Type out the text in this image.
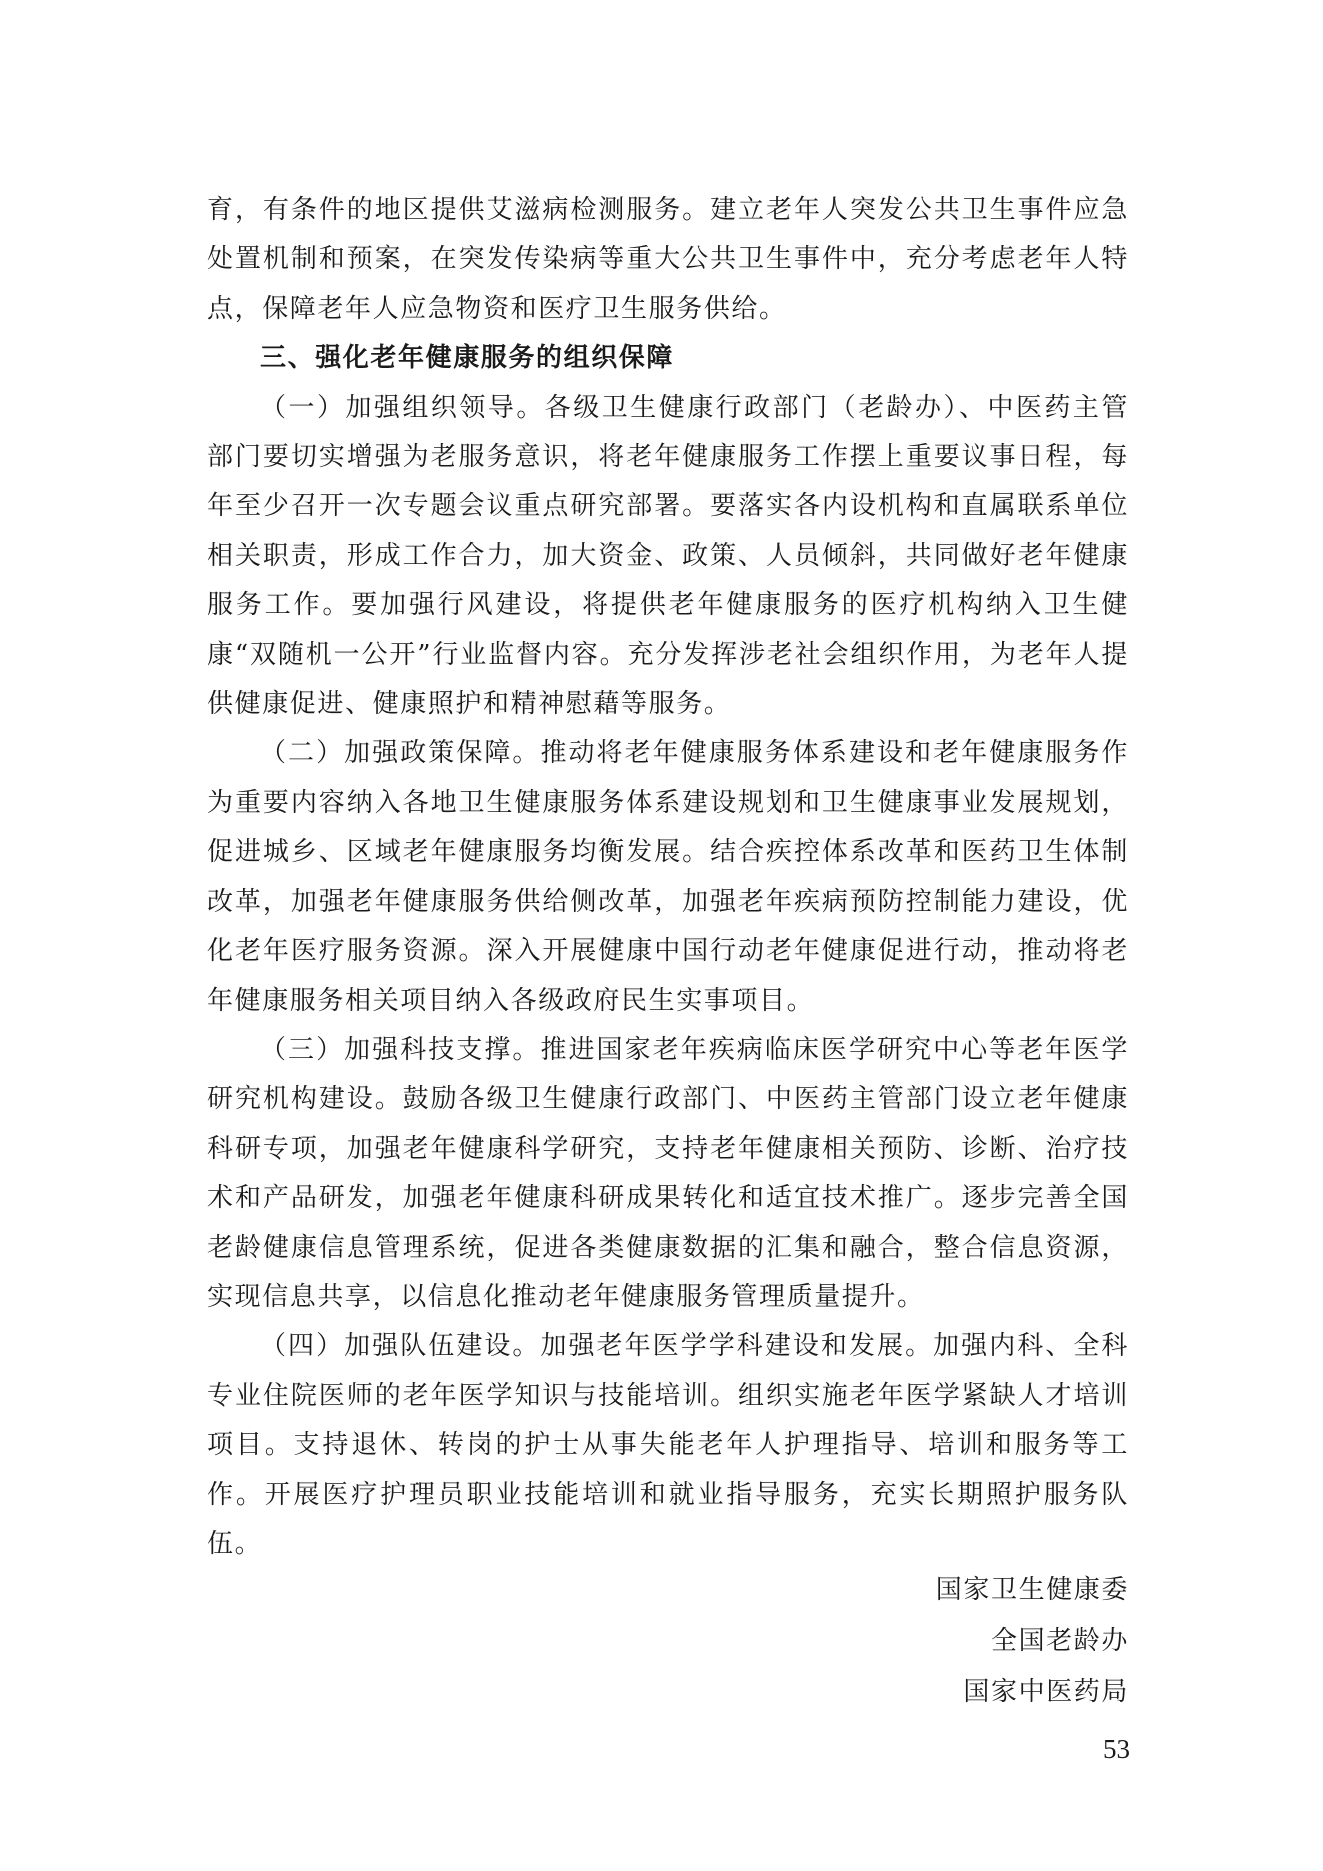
育，有条件的地区提供艾滋病检测服务。建立老年人突发公共卫生事件应急处置机制和预案，在突发传染病等重大公共卫生事件中，充分考虑老年人特点，保障老年人应急物资和医疗卫生服务供给。

三、强化老年健康服务的组织保障

（一）加强组织领导。各级卫生健康行政部门（老龄办）、中医药主管部门要切实增强为老服务意识，将老年健康服务工作摆上重要议事日程，每年至少召开一次专题会议重点研究部署。要落实各内设机构和直属联系单位相关职责，形成工作合力，加大资金、政策、人员倾斜，共同做好老年健康服务工作。要加强行风建设，将提供老年健康服务的医疗机构纳入卫生健康“双随机一公开”行业监督内容。充分发挥涉老社会组织作用，为老年人提供健康促进、健康照护和精神慰藉等服务。

（二）加强政策保障。推动将老年健康服务体系建设和老年健康服务作为重要内容纳入各地卫生健康服务体系建设规划和卫生健康事业发展规划，促进城乡、区域老年健康服务均衡发展。结合疾控体系改革和医药卫生体制改革，加强老年健康服务供给侧改革，加强老年疾病预防控制能力建设，优化老年医疗服务资源。深入开展健康中国行动老年健康促进行动，推动将老年健康服务相关项目纳入各级政府民生实事项目。

（三）加强科技支撑。推进国家老年疾病临床医学研究中心等老年医学研究机构建设。鼓励各级卫生健康行政部门、中医药主管部门设立老年健康科研专项，加强老年健康科学研究，支持老年健康相关预防、诊断、治疗技术和产品研发，加强老年健康科研成果转化和适宜技术推广。逐步完善全国老龄健康信息管理系统，促进各类健康数据的汇集和融合，整合信息资源，实现信息共享，以信息化推动老年健康服务管理质量提升。

（四）加强队伍建设。加强老年医学学科建设和发展。加强内科、全科专业住院医师的老年医学知识与技能培训。组织实施老年医学紧缺人才培训项目。支持退休、转岗的护士从事失能老年人护理指导、培训和服务等工作。开展医疗护理员职业技能培训和就业指导服务，充实长期照护服务队伍。

国家卫生健康委
全国老龄办
国家中医药局
53
